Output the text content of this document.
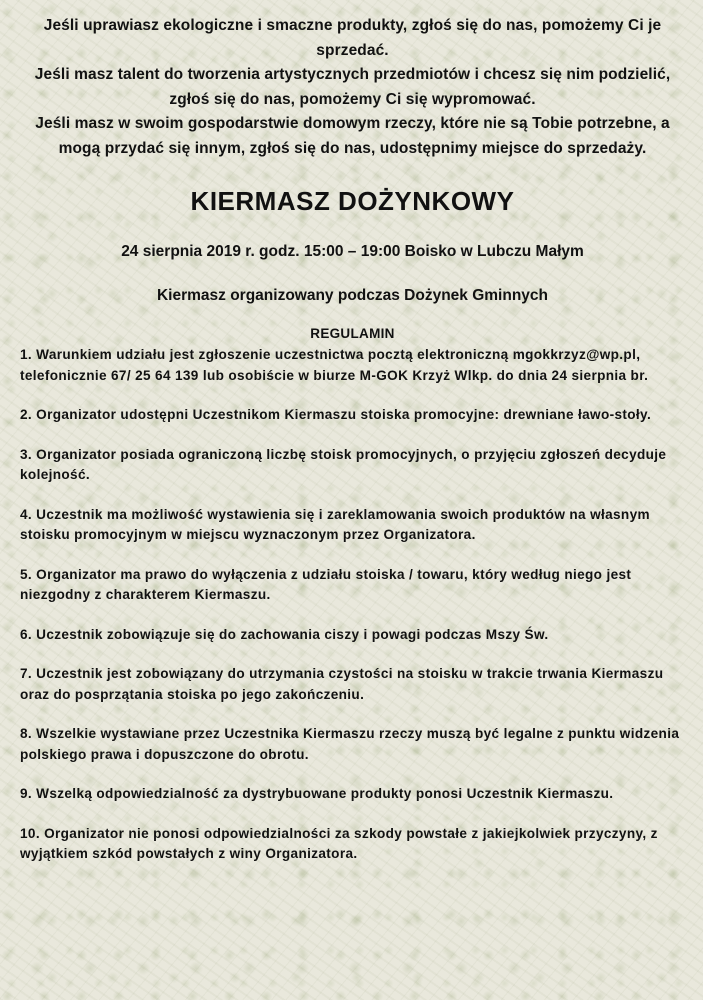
Jeśli uprawiasz ekologiczne i smaczne produkty, zgłoś się do nas, pomożemy Ci je sprzedać.

Jeśli masz talent do tworzenia artystycznych przedmiotów i chcesz się nim podzielić, zgłoś się do nas, pomożemy Ci się wypromować.

Jeśli masz w swoim gospodarstwie domowym rzeczy, które nie są Tobie potrzebne, a mogą przydać się innym, zgłoś się do nas, udostępnimy miejsce do sprzedaży.

KIERMASZ DOŻYNKOWY
24 sierpnia 2019 r. godz. 15:00 – 19:00 Boisko w Lubczu Małym
Kiermasz organizowany podczas Dożynek Gminnych
REGULAMIN

1. Warunkiem udziału jest zgłoszenie uczestnictwa pocztą elektroniczną mgokkrzyz@wp.pl, telefonicznie 67/ 25 64 139 lub osobiście w biurze M-GOK Krzyż Wlkp. do dnia 24 sierpnia br.

2. Organizator udostępni Uczestnikom Kiermaszu stoiska promocyjne: drewniane ławo-stoły.

3. Organizator posiada ograniczoną liczbę stoisk promocyjnych, o przyjęciu zgłoszeń decyduje kolejność.

4. Uczestnik ma możliwość wystawienia się i zareklamowania swoich produktów na własnym stoisku promocyjnym w miejscu wyznaczonym przez Organizatora.

5. Organizator ma prawo do wyłączenia z udziału stoiska / towaru, który według niego jest niezgodny z charakterem Kiermaszu.

6. Uczestnik zobowiązuje się do zachowania ciszy i powagi podczas Mszy Św.

7. Uczestnik jest zobowiązany do utrzymania czystości na stoisku w trakcie trwania Kiermaszu oraz do posprzątania stoiska po jego zakończeniu.

8. Wszelkie wystawiane przez Uczestnika Kiermaszu rzeczy muszą być legalne z punktu widzenia polskiego prawa i dopuszczone do obrotu.

9. Wszelką odpowiedzialność za dystrybuowane produkty ponosi Uczestnik Kiermaszu.

10. Organizator nie ponosi odpowiedzialności za szkody powstałe z jakiejkolwiek przyczyny, z wyjątkiem szkód powstałych z winy Organizatora.
